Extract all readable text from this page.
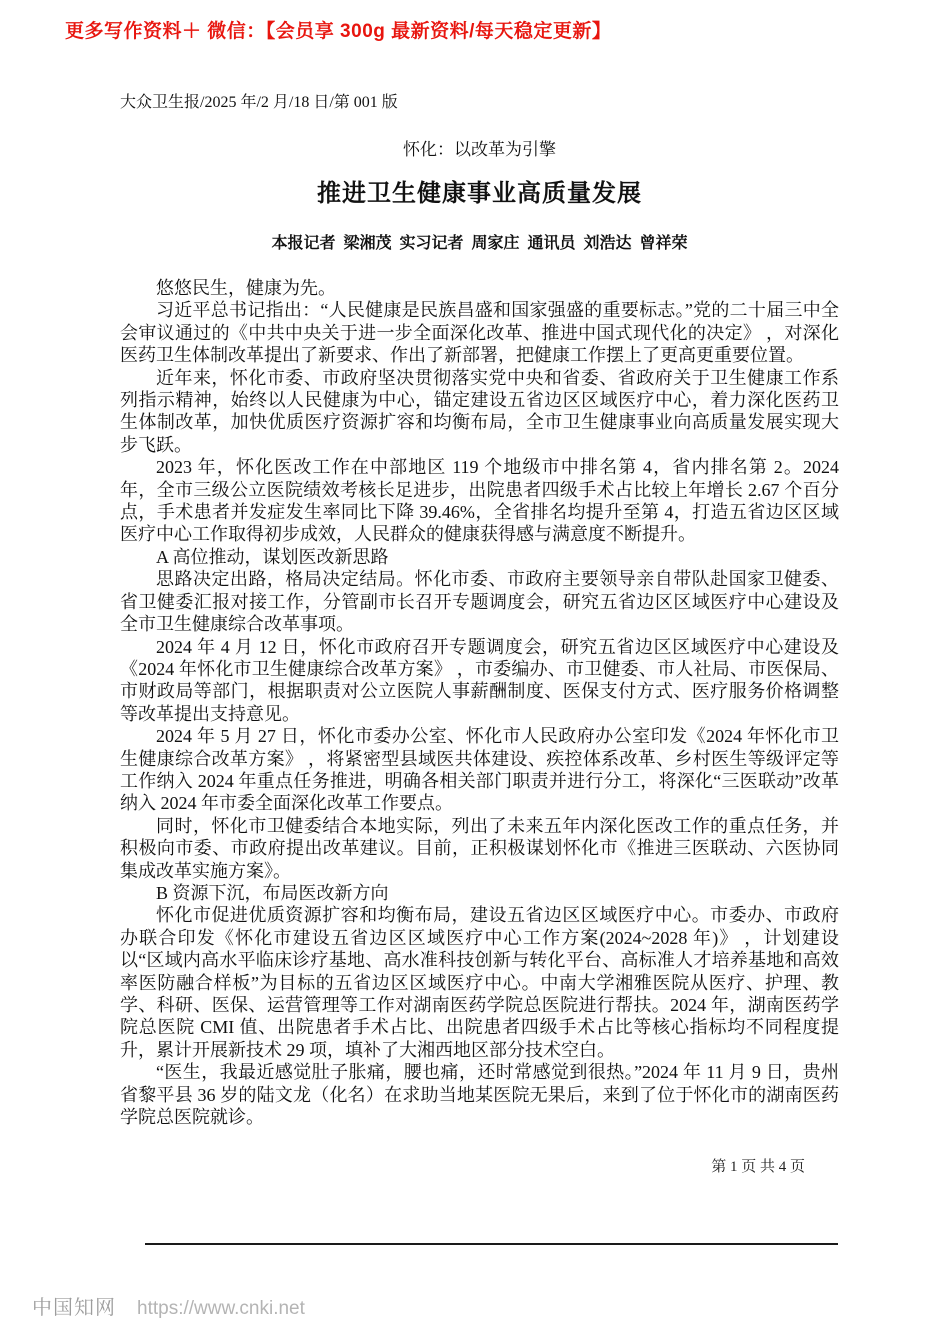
更多写作资料＋ 微信：【会员享 300g 最新资料/每天稳定更新】
大众卫生报/2025 年/2 月/18 日/第 001 版
怀化：以改革为引擎
推进卫生健康事业高质量发展
本报记者 梁湘茂 实习记者 周家庄 通讯员 刘浩达 曾祥荣

悠悠民生，健康为先。

习近平总书记指出：“人民健康是民族昌盛和国家强盛的重要标志。”党的二十届三中全会审议通过的《中共中央关于进一步全面深化改革、推进中国式现代化的决定》 ，对深化医药卫生体制改革提出了新要求、作出了新部署，把健康工作摆上了更高更重要位置。

近年来，怀化市委、市政府坚决贯彻落实党中央和省委、省政府关于卫生健康工作系列指示精神，始终以人民健康为中心，锚定建设五省边区区域医疗中心，着力深化医药卫生体制改革，加快优质医疗资源扩容和均衡布局，全市卫生健康事业向高质量发展实现大步飞跃。

2023 年，怀化医改工作在中部地区 119 个地级市中排名第 4，省内排名第 2。2024 年，全市三级公立医院绩效考核长足进步，出院患者四级手术占比较上年增长 2.67 个百分点，手术患者并发症发生率同比下降 39.46%，全省排名均提升至第 4，打造五省边区区域医疗中心工作取得初步成效，人民群众的健康获得感与满意度不断提升。

A 高位推动，谋划医改新思路

思路决定出路，格局决定结局。怀化市委、市政府主要领导亲自带队赴国家卫健委、省卫健委汇报对接工作，分管副市长召开专题调度会，研究五省边区区域医疗中心建设及全市卫生健康综合改革事项。

2024 年 4 月 12 日，怀化市政府召开专题调度会，研究五省边区区域医疗中心建设及《2024 年怀化市卫生健康综合改革方案》 ，市委编办、市卫健委、市人社局、市医保局、市财政局等部门，根据职责对公立医院人事薪酬制度、医保支付方式、医疗服务价格调整等改革提出支持意见。

2024 年 5 月 27 日，怀化市委办公室、怀化市人民政府办公室印发《2024 年怀化市卫生健康综合改革方案》 ，将紧密型县域医共体建设、疾控体系改革、乡村医生等级评定等工作纳入 2024 年重点任务推进，明确各相关部门职责并进行分工，将深化“三医联动”改革纳入 2024 年市委全面深化改革工作要点。

同时，怀化市卫健委结合本地实际，列出了未来五年内深化医改工作的重点任务，并积极向市委、市政府提出改革建议。目前，正积极谋划怀化市《推进三医联动、六医协同集成改革实施方案》。

B 资源下沉，布局医改新方向

怀化市促进优质资源扩容和均衡布局，建设五省边区区域医疗中心。市委办、市政府办联合印发《怀化市建设五省边区区域医疗中心工作方案(2024~2028 年)》 ，计划建设以“区域内高水平临床诊疗基地、高水准科技创新与转化平台、高标准人才培养基地和高效率医防融合样板”为目标的五省边区区域医疗中心。中南大学湘雅医院从医疗、护理、教学、科研、医保、运营管理等工作对湖南医药学院总医院进行帮扶。2024 年，湖南医药学院总医院 CMI 值、出院患者手术占比、出院患者四级手术占比等核心指标均不同程度提升，累计开展新技术 29 项，填补了大湘西地区部分技术空白。

“医生，我最近感觉肚子胀痛，腰也痛，还时常感觉到很热。”2024 年 11 月 9 日，贵州省黎平县 36 岁的陆文龙（化名）在求助当地某医院无果后，来到了位于怀化市的湖南医药学院总医院就诊。

第 1 页 共 4 页
中国知网 https://www.cnki.net
